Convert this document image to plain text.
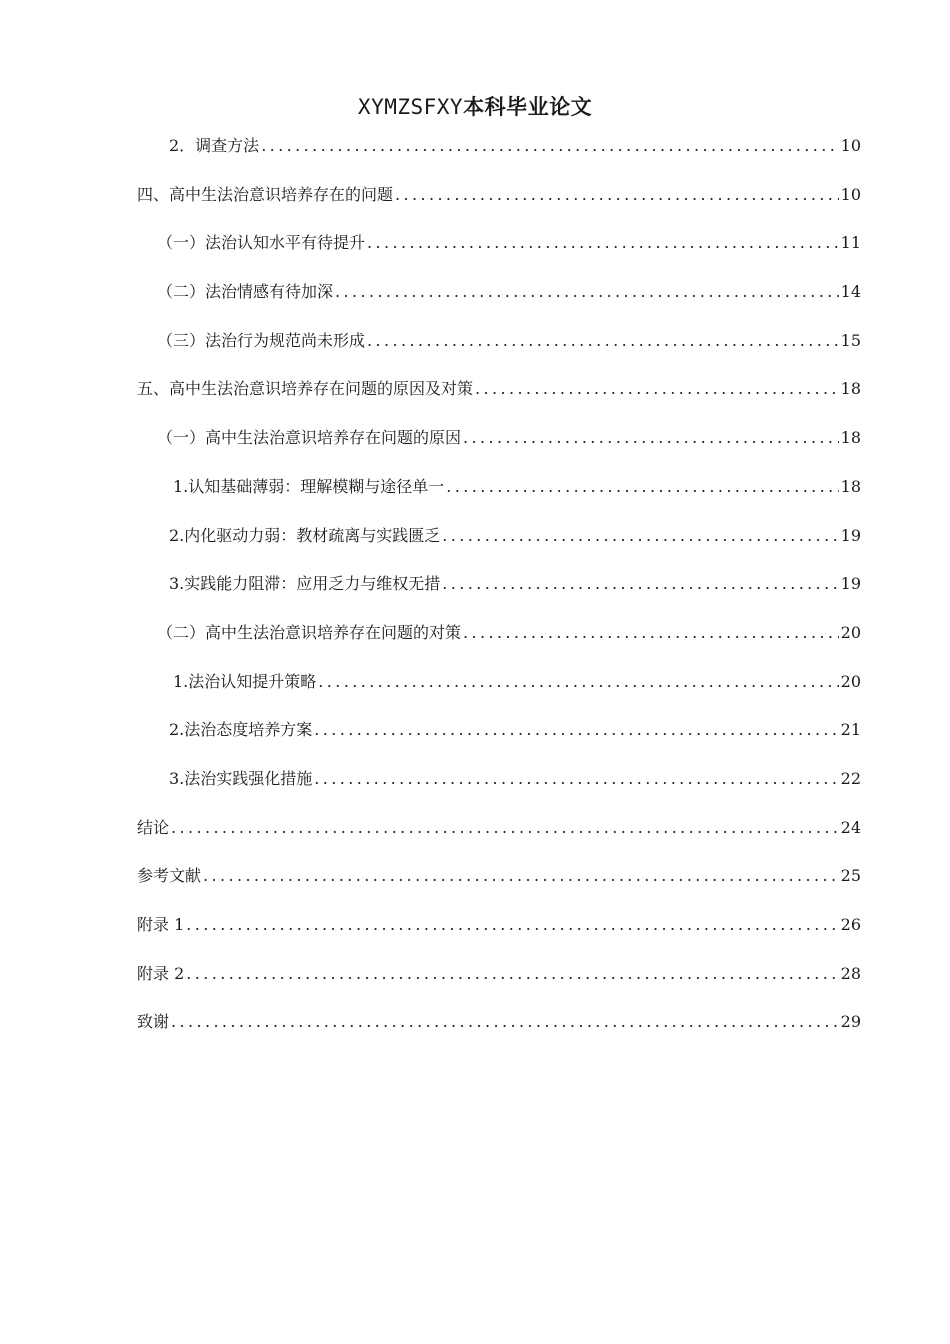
XYMZSFXY本科毕业论文
2．调查方法 .....	10
四、高中生法治意识培养存在的问题 .....	10
（一）法治认知水平有待提升 .....	11
（二）法治情感有待加深 .....	14
（三）法治行为规范尚未形成 .....	15
五、高中生法治意识培养存在问题的原因及对策 .....	18
（一）高中生法治意识培养存在问题的原因 .....	18
1.认知基础薄弱：理解模糊与途径单一 .....	18
2.内化驱动力弱：教材疏离与实践匮乏 .....	19
3.实践能力阻滞：应用乏力与维权无措 .....	19
（二）高中生法治意识培养存在问题的对策 .....	20
1.法治认知提升策略 .....	20
2.法治态度培养方案 .....	21
3.法治实践强化措施 .....	22
结论 .....	24
参考文献 .....	25
附录 1 .....	26
附录 2 .....	28
致谢 .....	29
